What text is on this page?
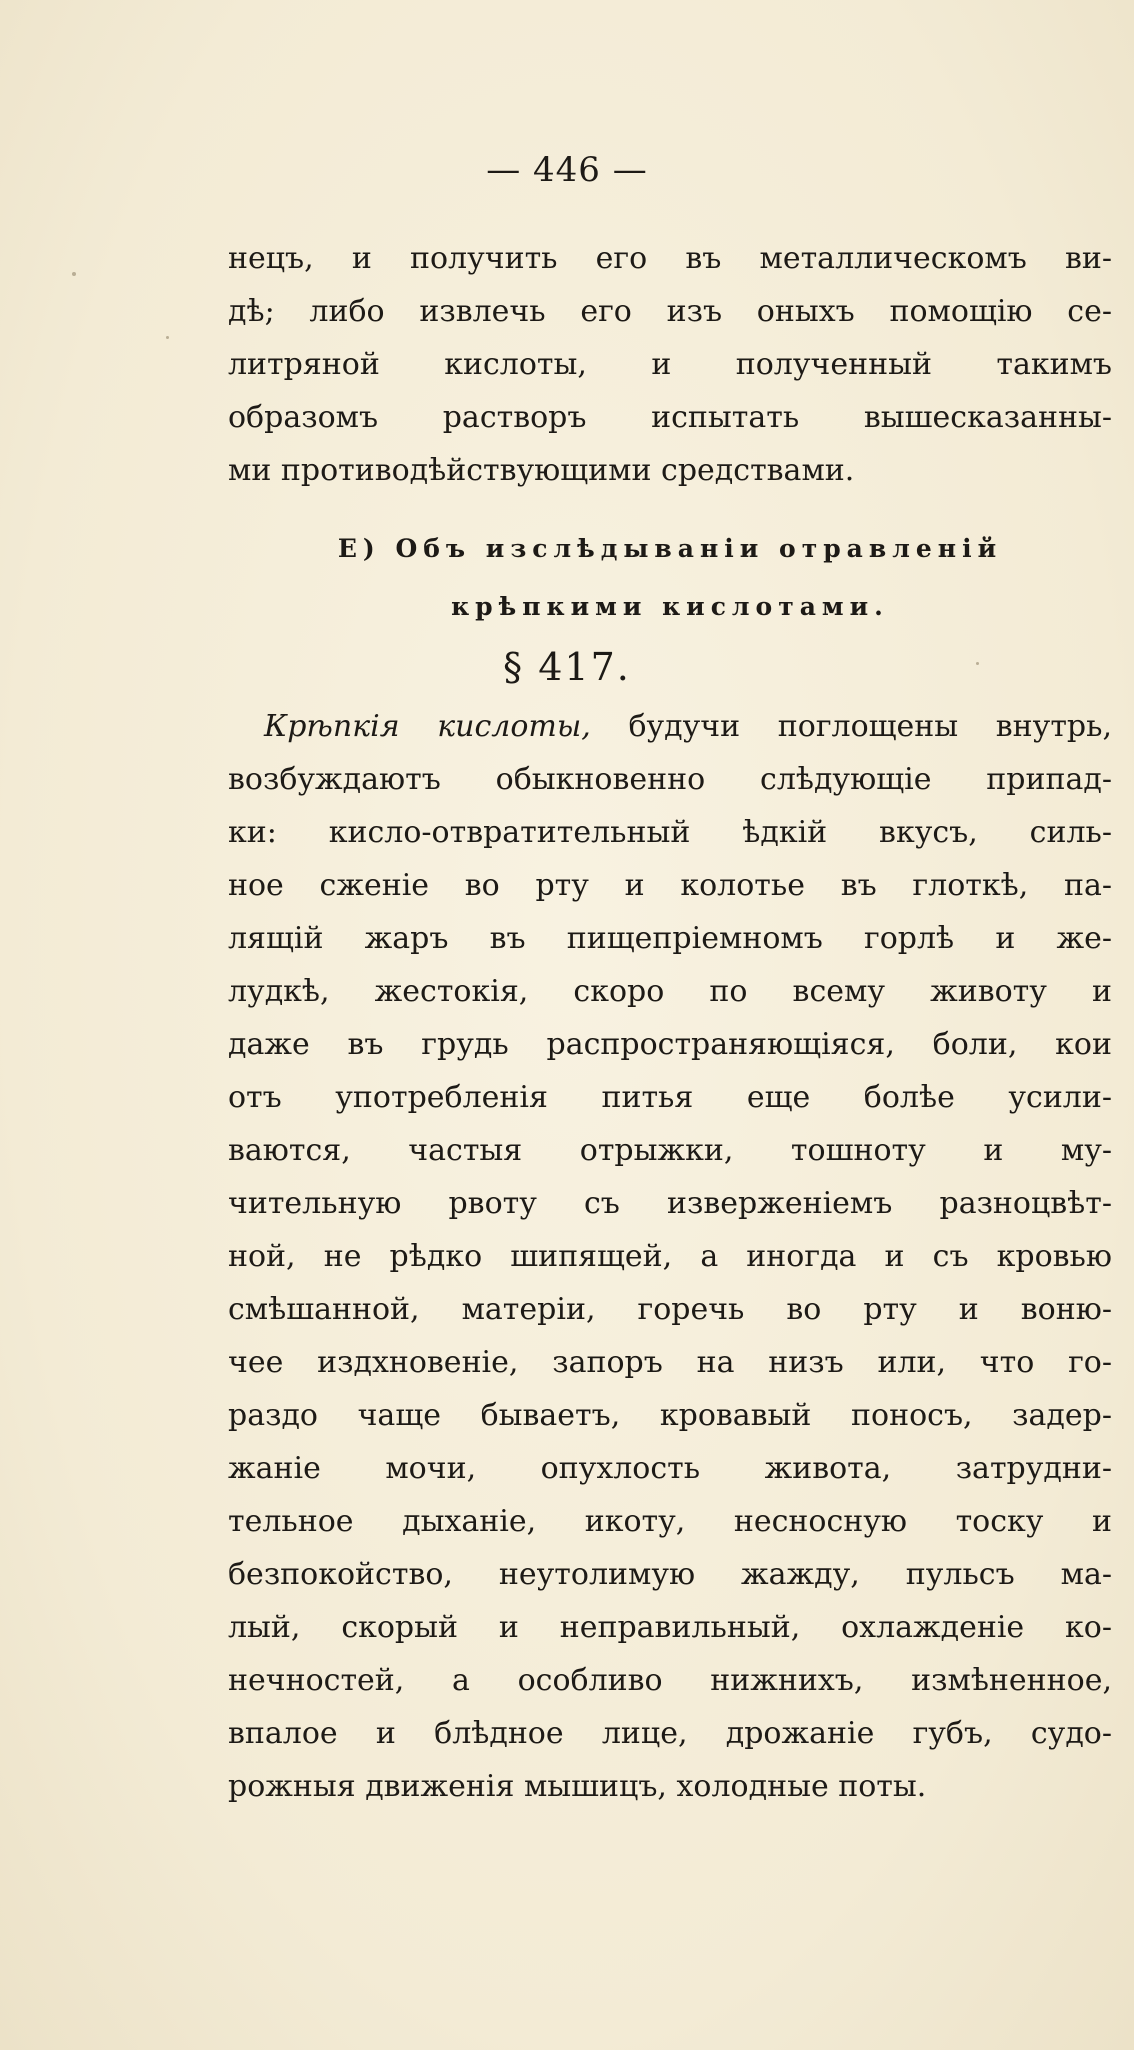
— 446 —
нецъ, и получить его въ металлическомъ ви-
дѣ; либо извлечь его изъ оныхъ помощію се-
литряной кислоты, и полученный такимъ
образомъ растворъ испытать вышесказанны-
ми противодѣйствующими средствами.
E) Объ изслѣдываніи отравленій
крѣпкими кислотами.
§ 417.
Крѣпкія кислоты, будучи поглощены внутрь,
возбуждаютъ обыкновенно слѣдующіе припад-
ки: кисло-отвратительный ѣдкій вкусъ, силь-
ное сженіе во рту и колотье въ глоткѣ, па-
лящій жаръ въ пищепріемномъ горлѣ и же-
лудкѣ, жестокія, скоро по всему животу и
даже въ грудь распространяющіяся, боли, кои
отъ употребленія питья еще болѣе усили-
ваются, частыя отрыжки, тошноту и му-
чительную рвоту съ изверженіемъ разноцвѣт-
ной, не рѣдко шипящей, а иногда и съ кровью
смѣшанной, матеріи, горечь во рту и воню-
чее издхновеніе, запоръ на низъ или, что го-
раздо чаще бываетъ, кровавый поносъ, задер-
жаніе мочи, опухлость живота, затрудни-
тельное дыханіе, икоту, несносную тоску и
безпокойство, неутолимую жажду, пульсъ ма-
лый, скорый и неправильный, охлажденіе ко-
нечностей, а особливо нижнихъ, измѣненное,
впалое и блѣдное лице, дрожаніе губъ, судо-
рожныя движенія мышицъ, холодные поты.
